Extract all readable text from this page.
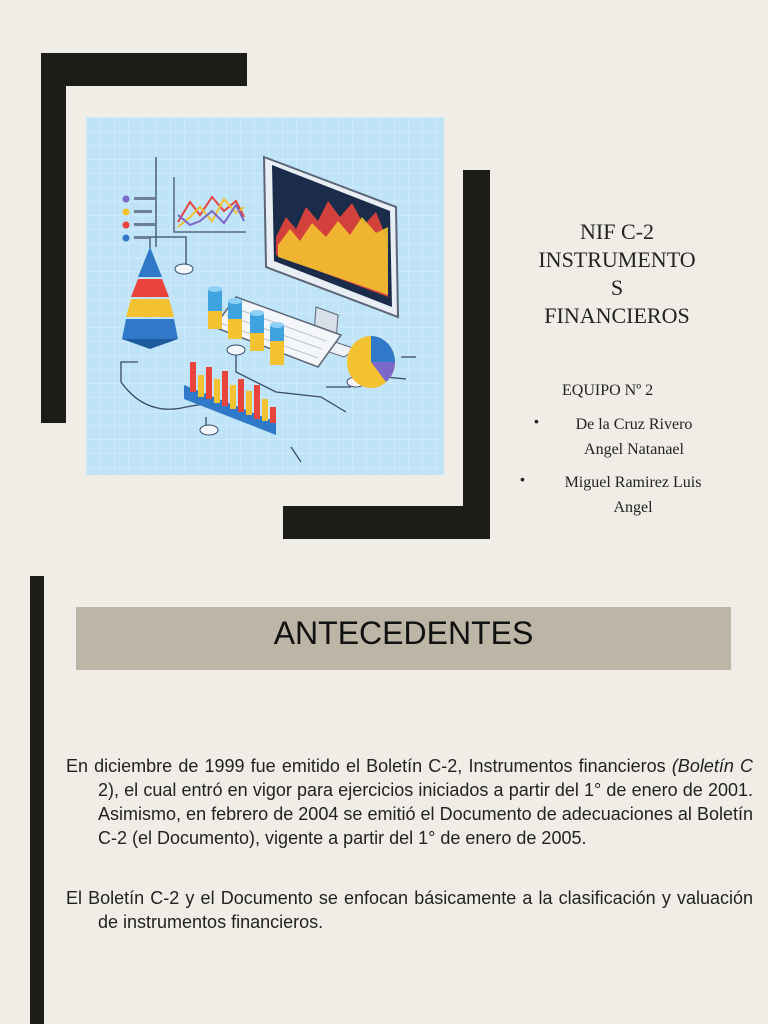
NIF C-2
INSTRUMENTO
S
FINANCIEROS
EQUIPO Nº 2
•	De la Cruz Rivero
Angel Natanael
•	Miguel Ramirez Luis
Angel
ANTECEDENTES

En diciembre de 1999 fue emitido el Boletín C-2, Instrumentos financieros (Boletín C 2), el cual entró en vigor para ejercicios iniciados a partir del 1° de enero de 2001. Asimismo, en febrero de 2004 se emitió el Documento de adecuaciones al Boletín C-2 (el Documento), vigente a partir del 1° de enero de 2005.

El Boletín C-2 y el Documento se enfocan básicamente a la clasificación y valuación de instrumentos financieros.
